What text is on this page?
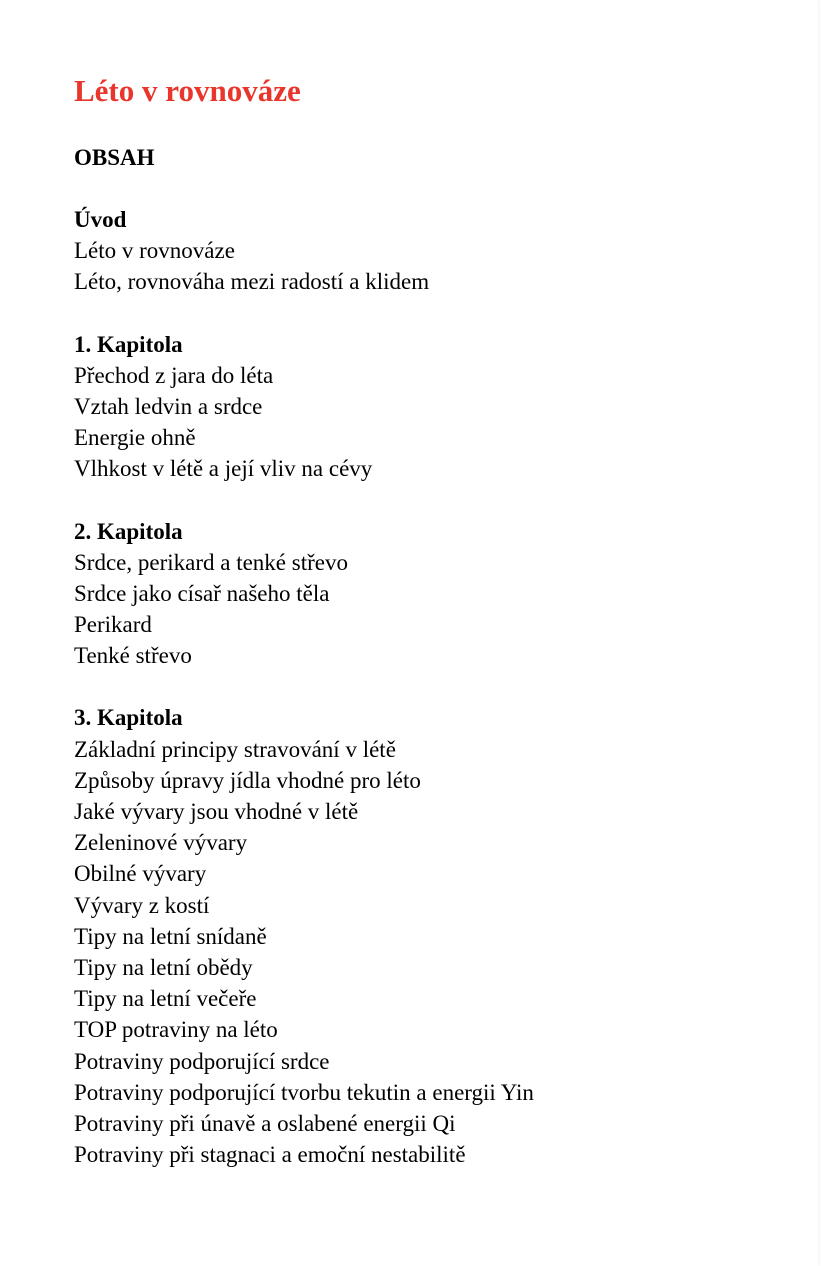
Léto v rovnováze
OBSAH
Úvod
Léto v rovnováze
Léto, rovnováha mezi radostí a klidem
1. Kapitola
Přechod z jara do léta
Vztah ledvin a srdce
Energie ohně
Vlhkost v létě a její vliv na cévy
2. Kapitola
Srdce, perikard a tenké střevo
Srdce jako císař našeho těla
Perikard
Tenké střevo
3. Kapitola
Základní principy stravování v létě
Způsoby úpravy jídla vhodné pro léto
Jaké vývary jsou vhodné v létě
Zeleninové vývary
Obilné vývary
Vývary z kostí
Tipy na letní snídaně
Tipy na letní obědy
Tipy na letní večeře
TOP potraviny na léto
Potraviny podporující srdce
Potraviny podporující tvorbu tekutin a energii Yin
Potraviny při únavě a oslabené energii Qi
Potraviny při stagnaci a emoční nestabilitě
